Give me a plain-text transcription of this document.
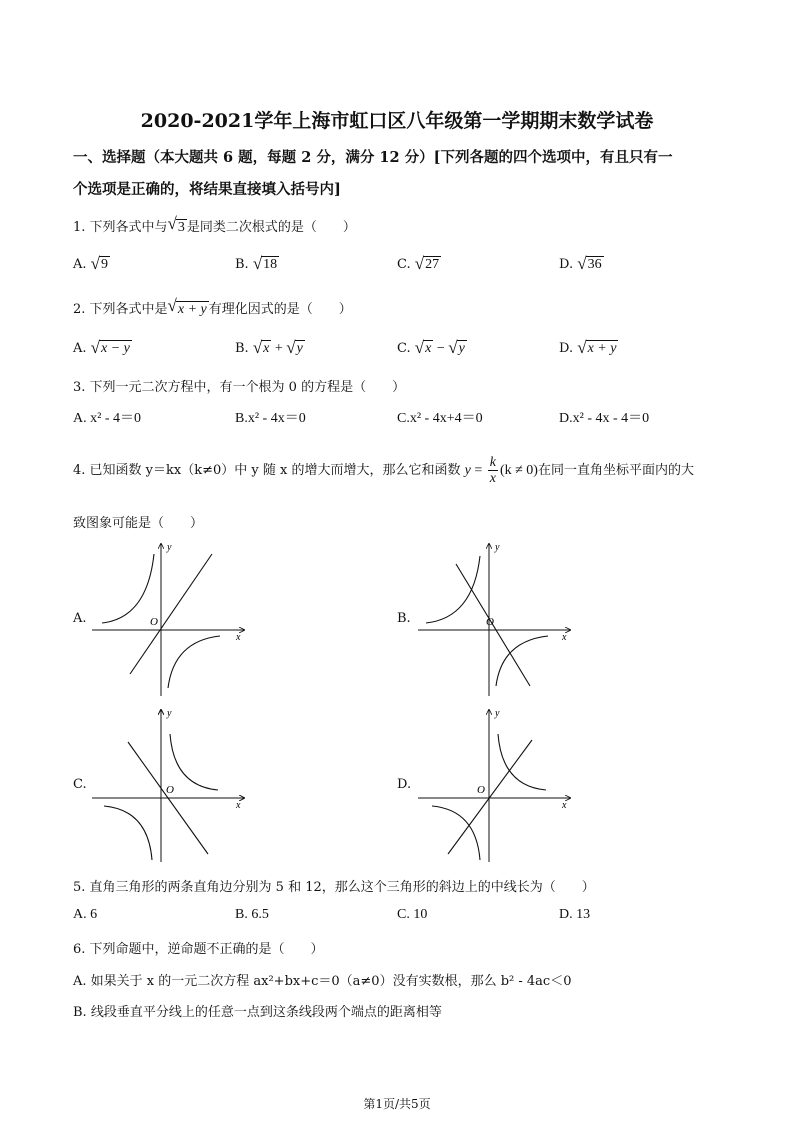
2020-2021学年上海市虹口区八年级第一学期期末数学试卷
一、选择题（本大题共 6 题，每题 2 分，满分 12 分）[下列各题的四个选项中，有且只有一
个选项是正确的，将结果直接填入括号内]
1. 下列各式中与√3 是同类二次根式的是（　　）
A. √9	B. √18	C. √27	D. √36
2. 下列各式中是√x + y 有理化因式的是（　　）
A. √x − y	B. √x + √y	C. √x − √y	D. √x + y
3. 下列一元二次方程中，有一个根为 0 的方程是（　　）
A. x² - 4＝0	B.x² - 4x＝0	C.x² - 4x+4＝0	D.x² - 4x - 4＝0
4. 已知函数 y＝kx（k≠0）中 y 随 x 的增大而增大，那么它和函数 $y = \frac{k}{x} (k \ne 0)$在同一直角坐标平面内的大
致图象可能是（　　）
A.	O
x
y
B.	O
x
y
C.	O
x
y
D.	O
x
y
5. 直角三角形的两条直角边分别为 5 和 12，那么这个三角形的斜边上的中线长为（　　）
A. 6	B. 6.5	C. 10	D. 13
6. 下列命题中，逆命题不正确的是（　　）
A. 如果关于 x 的一元二次方程 ax²+bx+c＝0（a≠0）没有实数根，那么 b² - 4ac＜0
B. 线段垂直平分线上的任意一点到这条线段两个端点的距离相等
第1页/共5页
